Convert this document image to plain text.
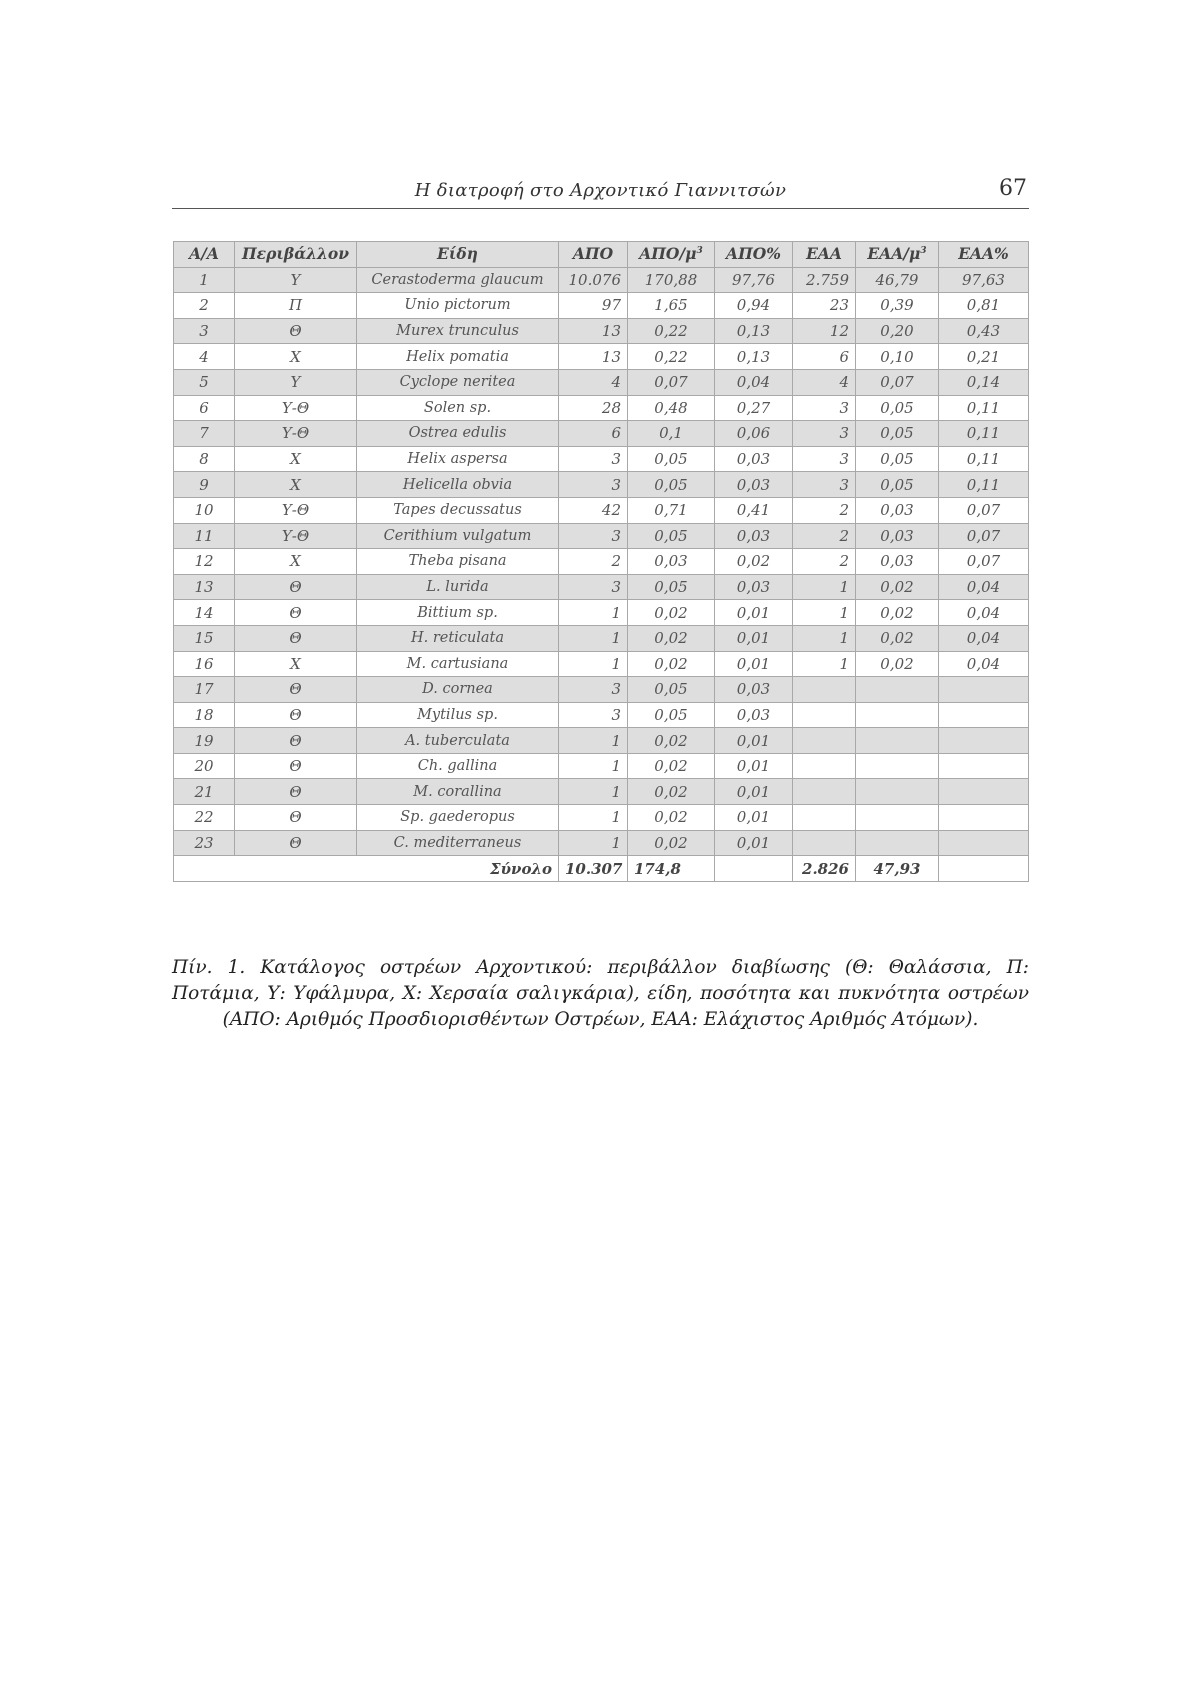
Η διατροφή στο Αρχοντικό Γιαννιτσών	67
Α/Α	Περιβάλλον	Είδη	ΑΠΟ	ΑΠΟ/$\mu^3$	ΑΠΟ%	ΕΑΑ	ΕΑΑ/$\mu^3$	ΕΑΑ%
1	Υ	Cerastoderma glaucum	10.076	170,88	97,76	2.759	46,79	97,63
2	Π	Unio pictorum	97	1,65	0,94	23	0,39	0,81
3	Θ	Murex trunculus	13	0,22	0,13	12	0,20	0,43
4	Χ	Helix pomatia	13	0,22	0,13	6	0,10	0,21
5	Υ	Cyclope neritea	4	0,07	0,04	4	0,07	0,14
6	Υ-Θ	Solen sp.	28	0,48	0,27	3	0,05	0,11
7	Υ-Θ	Ostrea edulis	6	0,1	0,06	3	0,05	0,11
8	Χ	Helix aspersa	3	0,05	0,03	3	0,05	0,11
9	Χ	Helicella obvia	3	0,05	0,03	3	0,05	0,11
10	Υ-Θ	Tapes decussatus	42	0,71	0,41	2	0,03	0,07
11	Υ-Θ	Cerithium vulgatum	3	0,05	0,03	2	0,03	0,07
12	Χ	Theba pisana	2	0,03	0,02	2	0,03	0,07
13	Θ	L. lurida	3	0,05	0,03	1	0,02	0,04
14	Θ	Bittium sp.	1	0,02	0,01	1	0,02	0,04
15	Θ	H. reticulata	1	0,02	0,01	1	0,02	0,04
16	Χ	M. cartusiana	1	0,02	0,01	1	0,02	0,04
17	Θ	D. cornea	3	0,05	0,03			
18	Θ	Mytilus sp.	3	0,05	0,03			
19	Θ	A. tuberculata	1	0,02	0,01			
20	Θ	Ch. gallina	1	0,02	0,01			
21	Θ	M. corallina	1	0,02	0,01			
22	Θ	Sp. gaederopus	1	0,02	0,01			
23	Θ	C. mediterraneus	1	0,02	0,01			
Σύνολο			10.307	174,8		2.826	47,93	
Πίν. 1. Κατάλογος οστρέων Αρχοντικού: περιβάλλον διαβίωσης (Θ: Θαλάσσια, Π: Ποτάμια, Υ: Υφάλμυρα, Χ: Χερσαία σαλιγκάρια), είδη, ποσότητα και πυκνότητα οστρέων (ΑΠΟ: Αριθμός Προσδιορισθέντων Οστρέων, ΕΑΑ: Ελάχιστος Αριθμός Ατόμων).
